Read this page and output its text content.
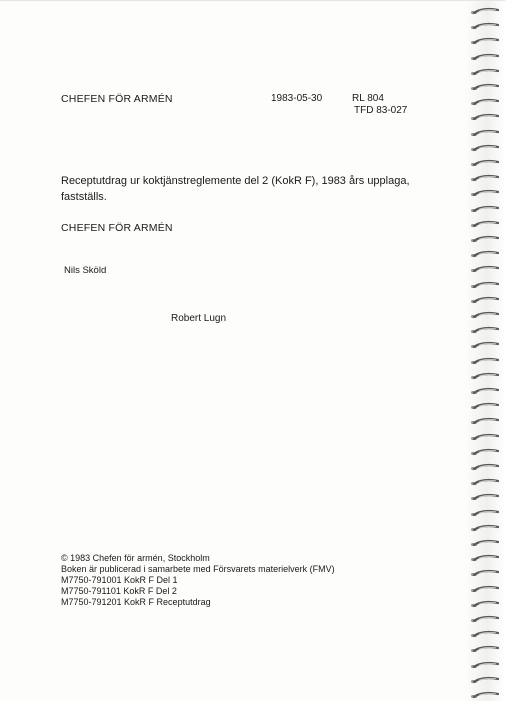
CHEFEN FÖR ARMÉN	1983-05-30	RL 804
TFD 83-027
Receptutdrag ur koktjänstreglemente del 2 (KokR F), 1983 års upplaga, fastställs.
CHEFEN FÖR ARMÉN
Nils Sköld
Robert Lugn
© 1983 Chefen för armén, Stockholm
Boken är publicerad i samarbete med Försvarets materielverk (FMV)
M7750-791001 KokR F Del 1
M7750-791101 KokR F Del 2
M7750-791201 KokR F Receptutdrag
